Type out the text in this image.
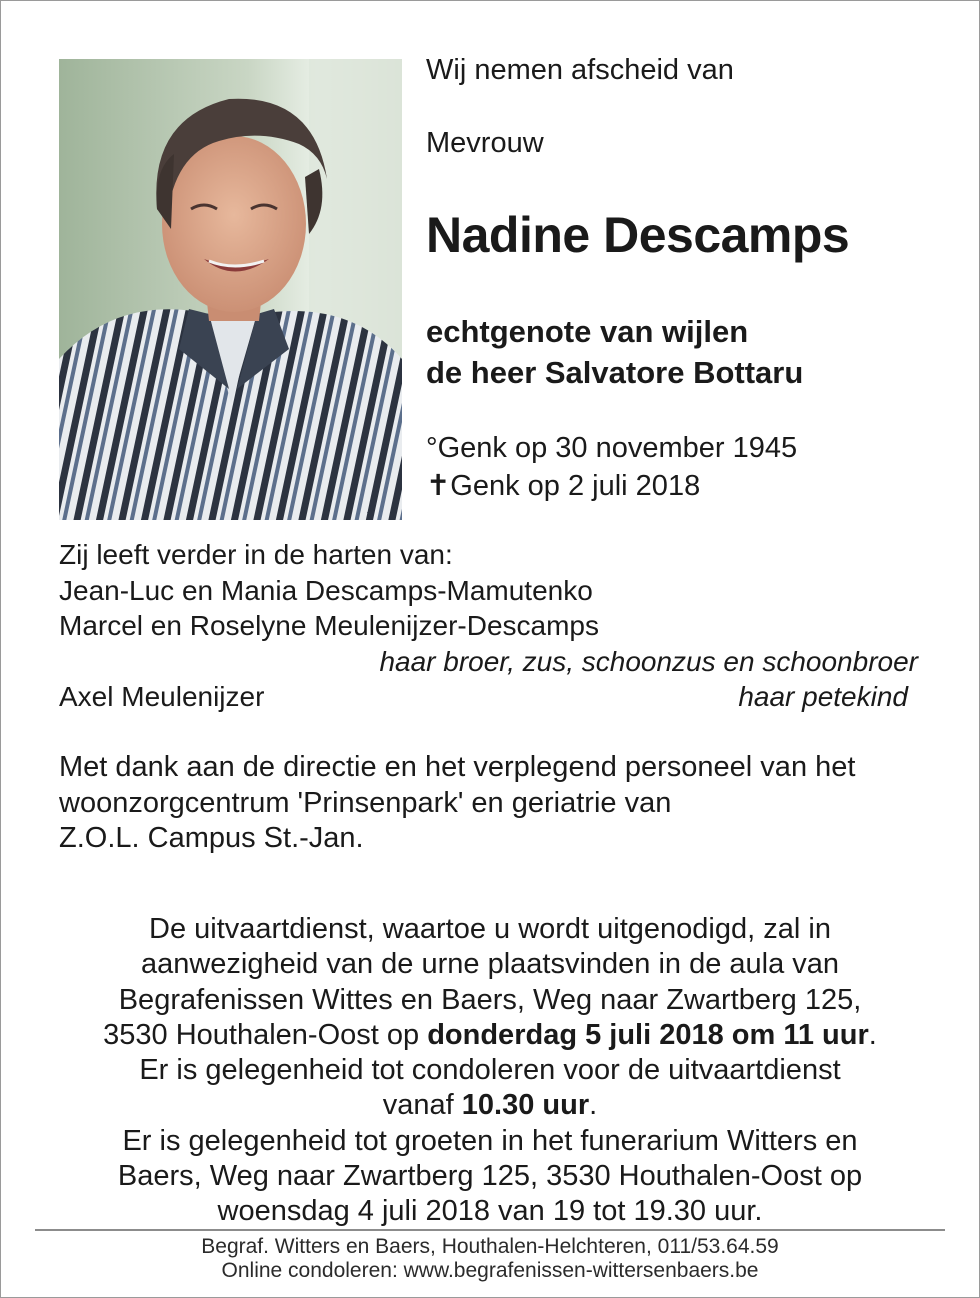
Wij nemen afscheid van
Mevrouw
Nadine Descamps
echtgenote van wijlen
de heer Salvatore Bottaru
°Genk op 30 november 1945
✝Genk op 2 juli 2018
Zij leeft verder in de harten van:
Jean-Luc en Mania Descamps-Mamutenko
Marcel en Roselyne Meulenijzer-Descamps
haar broer, zus, schoonzus en schoonbroer
Axel Meulenijzer	haar petekind
Met dank aan de directie en het verplegend personeel van het
woonzorgcentrum 'Prinsenpark' en geriatrie van
Z.O.L. Campus St.-Jan.
De uitvaartdienst, waartoe u wordt uitgenodigd, zal in
aanwezigheid van de urne plaatsvinden in de aula van
Begrafenissen Wittes en Baers, Weg naar Zwartberg 125,
3530 Houthalen-Oost op donderdag 5 juli 2018 om 11 uur.
Er is gelegenheid tot condoleren voor de uitvaartdienst
vanaf 10.30 uur.
Er is gelegenheid tot groeten in het funerarium Witters en
Baers, Weg naar Zwartberg 125, 3530 Houthalen-Oost op
woensdag 4 juli 2018 van 19 tot 19.30 uur.
Begraf. Witters en Baers, Houthalen-Helchteren, 011/53.64.59
Online condoleren: www.begrafenissen-wittersenbaers.be
